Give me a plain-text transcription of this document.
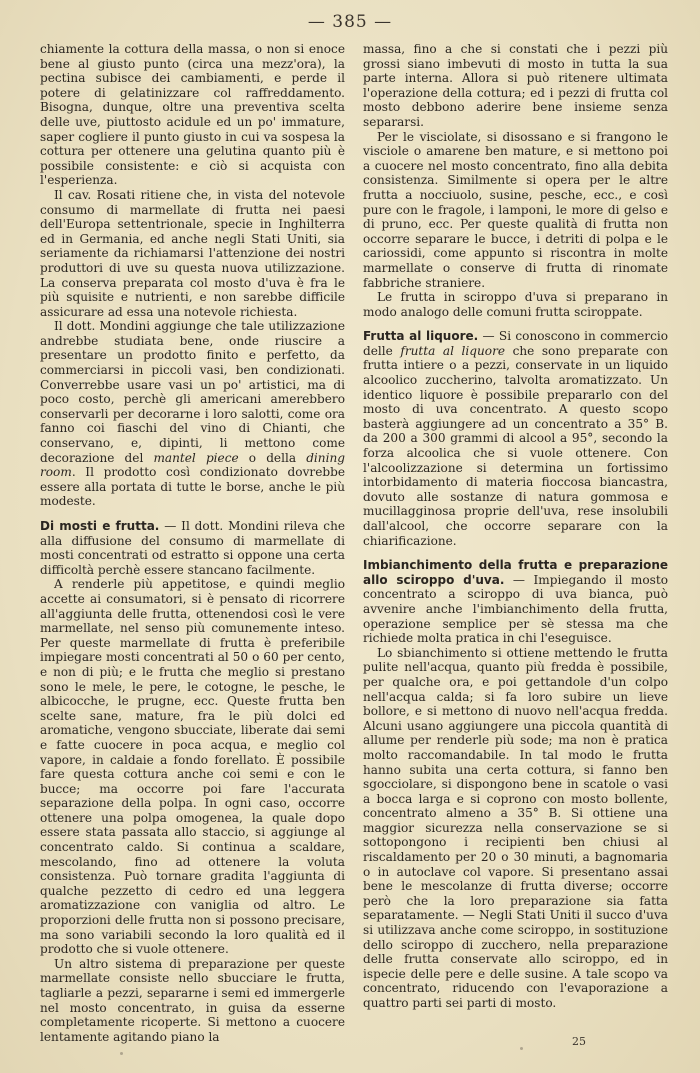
— 385 —

chiamente la cottura della massa, o non si enoce bene al giusto punto (circa una mezz'ora), la pectina subisce dei cambiamenti, e perde il potere di gelatinizzare col raffreddamento. Bisogna, dunque, oltre una preventiva scelta delle uve, piuttosto acidule ed un po' immature, saper cogliere il punto giusto in cui va sospesa la cottura per ottenere una gelutina quanto più è possibile consistente: e ciò si acquista con l'esperienza.

Il cav. Rosati ritiene che, in vista del notevole consumo di marmellate di frutta nei paesi dell'Europa settentrionale, specie in Inghilterra ed in Germania, ed anche negli Stati Uniti, sia seriamente da richiamarsi l'attenzione dei nostri produttori di uve su questa nuova utilizzazione. La conserva preparata col mosto d'uva è fra le più squisite e nutrienti, e non sarebbe difficile assicurare ad essa una notevole richiesta.

Il dott. Mondini aggiunge che tale utilizzazione andrebbe studiata bene, onde riuscire a presentare un prodotto finito e perfetto, da commerciarsi in piccoli vasi, ben condizionati. Converrebbe usare vasi un po' artistici, ma di poco costo, perchè gli americani amerebbero conservarli per decorarne i loro salotti, come ora fanno coi fiaschi del vino di Chianti, che conservano, e, dipinti, li mettono come decorazione del mantel piece o della dining room. Il prodotto così condizionato dovrebbe essere alla portata di tutte le borse, anche le più modeste.

Di mosti e frutta. — Il dott. Mondini rileva che alla diffusione del consumo di marmellate di mosti concentrati od estratto si oppone una certa difficoltà perchè essere stancano facilmente.

A renderle più appetitose, e quindi meglio accette ai consumatori, si è pensato di ricorrere all'aggiunta delle frutta, ottenendosi così le vere marmellate, nel senso più comunemente inteso. Per queste marmellate di frutta è preferibile impiegare mosti concentrati al 50 o 60 per cento, e non di più; e le frutta che meglio si prestano sono le mele, le pere, le cotogne, le pesche, le albicocche, le prugne, ecc. Queste frutta ben scelte sane, mature, fra le più dolci ed aromatiche, vengono sbucciate, liberate dai semi e fatte cuocere in poca acqua, e meglio col vapore, in caldaie a fondo forellato. È possibile fare questa cottura anche coi semi e con le bucce; ma occorre poi fare l'accurata separazione della polpa. In ogni caso, occorre ottenere una polpa omogenea, la quale dopo essere stata passata allo staccio, si aggiunge al concentrato caldo. Si continua a scaldare, mescolando, fino ad ottenere la voluta consistenza. Può tornare gradita l'aggiunta di qualche pezzetto di cedro ed una leggera aromatizzazione con vaniglia od altro. Le proporzioni delle frutta non si possono precisare, ma sono variabili secondo la loro qualità ed il prodotto che si vuole ottenere.

Un altro sistema di preparazione per queste marmellate consiste nello sbucciare le frutta, tagliarle a pezzi, separarne i semi ed immergerle nel mosto concentrato, in guisa da esserne completamente ricoperte. Si mettono a cuocere lentamente agitando piano la

massa, fino a che si constati che i pezzi più grossi siano imbevuti di mosto in tutta la sua parte interna. Allora si può ritenere ultimata l'operazione della cottura; ed i pezzi di frutta col mosto debbono aderire bene insieme senza separarsi.

Per le visciolate, si disossano e si frangono le visciole o amarene ben mature, e si mettono poi a cuocere nel mosto concentrato, fino alla debita consistenza. Similmente si opera per le altre frutta a nocciuolo, susine, pesche, ecc., e così pure con le fragole, i lamponi, le more di gelso e di pruno, ecc. Per queste qualità di frutta non occorre separare le bucce, i detriti di polpa e le cariossidi, come appunto si riscontra in molte marmellate o conserve di frutta di rinomate fabbriche straniere.

Le frutta in sciroppo d'uva si preparano in modo analogo delle comuni frutta sciroppate.

Frutta al liquore. — Si conoscono in commercio delle frutta al liquore che sono preparate con frutta intiere o a pezzi, conservate in un liquido alcoolico zuccherino, talvolta aromatizzato. Un identico liquore è possibile prepararlo con del mosto di uva concentrato. A questo scopo basterà aggiungere ad un concentrato a 35° B. da 200 a 300 grammi di alcool a 95°, secondo la forza alcoolica che si vuole ottenere. Con l'alcoolizzazione si determina un fortissimo intorbidamento di materia fioccosa biancastra, dovuto alle sostanze di natura gommosa e mucillagginosa proprie dell'uva, rese insolubili dall'alcool, che occorre separare con la chiarificazione.

Imbianchimento della frutta e preparazione allo sciroppo d'uva. — Impiegando il mosto concentrato a sciroppo di uva bianca, può avvenire anche l'imbianchimento della frutta, operazione semplice per sè stessa ma che richiede molta pratica in chi l'eseguisce.

Lo sbianchimento si ottiene mettendo le frutta pulite nell'acqua, quanto più fredda è possibile, per qualche ora, e poi gettandole d'un colpo nell'acqua calda; si fa loro subire un lieve bollore, e si mettono di nuovo nell'acqua fredda. Alcuni usano aggiungere una piccola quantità di allume per renderle più sode; ma non è pratica molto raccomandabile. In tal modo le frutta hanno subita una certa cottura, si fanno ben sgocciolare, si dispongono bene in scatole o vasi a bocca larga e si coprono con mosto bollente, concentrato almeno a 35° B. Si ottiene una maggior sicurezza nella conservazione se si sottopongono i recipienti ben chiusi al riscaldamento per 20 o 30 minuti, a bagnomaria o in autoclave col vapore. Si presentano assai bene le mescolanze di frutta diverse; occorre però che la loro preparazione sia fatta separatamente. — Negli Stati Uniti il succo d'uva si utilizzava anche come sciroppo, in sostituzione dello sciroppo di zucchero, nella preparazione delle frutta conservate allo sciroppo, ed in ispecie delle pere e delle susine. A tale scopo va concentrato, riducendo con l'evaporazione a quattro parti sei parti di mosto.

25
